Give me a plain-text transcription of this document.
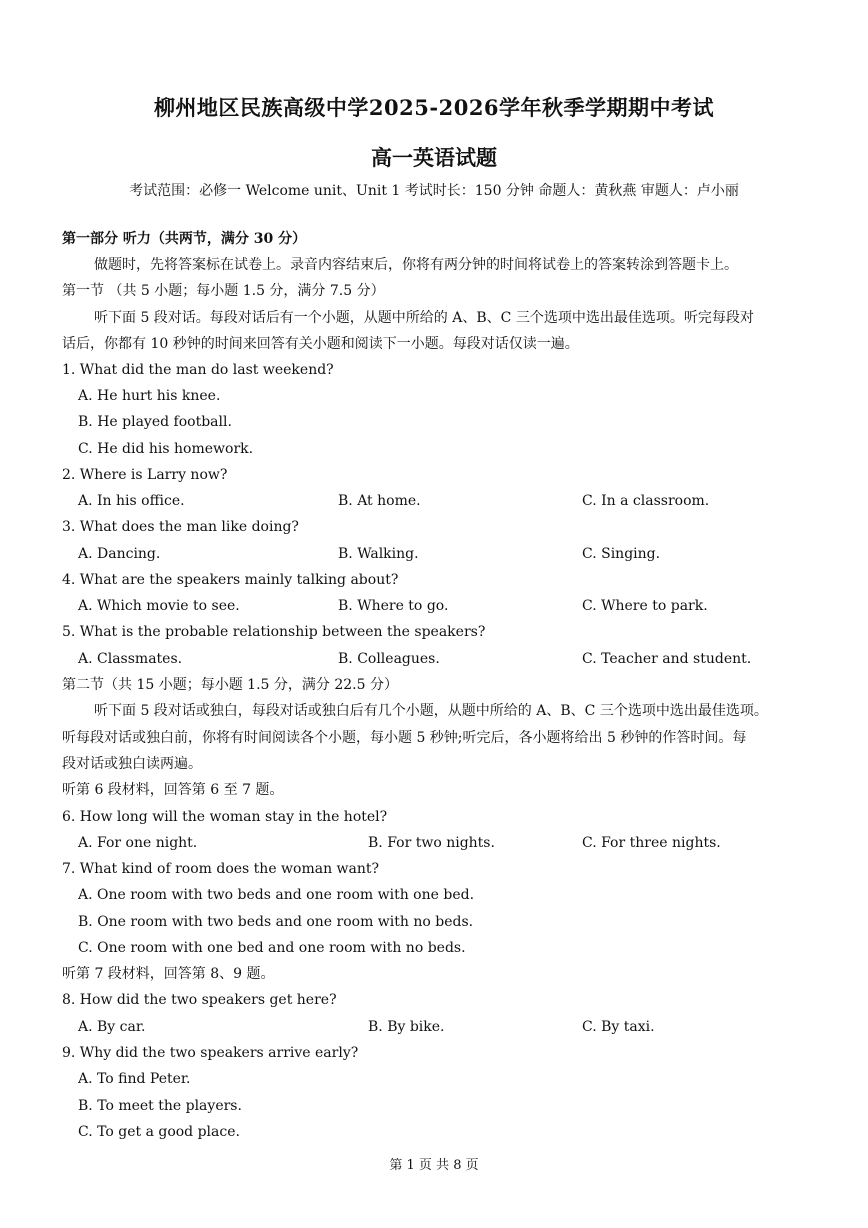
柳州地区民族高级中学2025-2026学年秋季学期期中考试
高一英语试题
考试范围：必修一 Welcome unit、Unit 1 考试时长：150 分钟 命题人：黄秋燕 审题人：卢小丽
第一部分 听力（共两节，满分 30 分）
做题时，先将答案标在试卷上。录音内容结束后，你将有两分钟的时间将试卷上的答案转涂到答题卡上。
第一节 （共 5 小题；每小题 1.5 分，满分 7.5 分）
听下面 5 段对话。每段对话后有一个小题，从题中所给的 A、B、C 三个选项中选出最佳选项。听完每段对
话后，你都有 10 秒钟的时间来回答有关小题和阅读下一小题。每段对话仅读一遍。
1. What did the man do last weekend?
A. He hurt his knee.
B. He played football.
C. He did his homework.
2. Where is Larry now?
A. In his office.	B. At home.	C. In a classroom.
3. What does the man like doing?
A. Dancing.	B. Walking.	C. Singing.
4. What are the speakers mainly talking about?
A. Which movie to see.	B. Where to go.	C. Where to park.
5. What is the probable relationship between the speakers?
A. Classmates.	B. Colleagues.	C. Teacher and student.
第二节（共 15 小题；每小题 1.5 分，满分 22.5 分）
听下面 5 段对话或独白，每段对话或独白后有几个小题，从题中所给的 A、B、C 三个选项中选出最佳选项。
听每段对话或独白前，你将有时间阅读各个小题，每小题 5 秒钟;听完后，各小题将给出 5 秒钟的作答时间。每
段对话或独白读两遍。
听第 6 段材料，回答第 6 至 7 题。
6. How long will the woman stay in the hotel?
A. For one night.	B. For two nights.	C. For three nights.
7. What kind of room does the woman want?
A. One room with two beds and one room with one bed.
B. One room with two beds and one room with no beds.
C. One room with one bed and one room with no beds.
听第 7 段材料，回答第 8、9 题。
8. How did the two speakers get here?
A. By car.	B. By bike.	C. By taxi.
9. Why did the two speakers arrive early?
A. To find Peter.
B. To meet the players.
C. To get a good place.
第 1 页 共 8 页
